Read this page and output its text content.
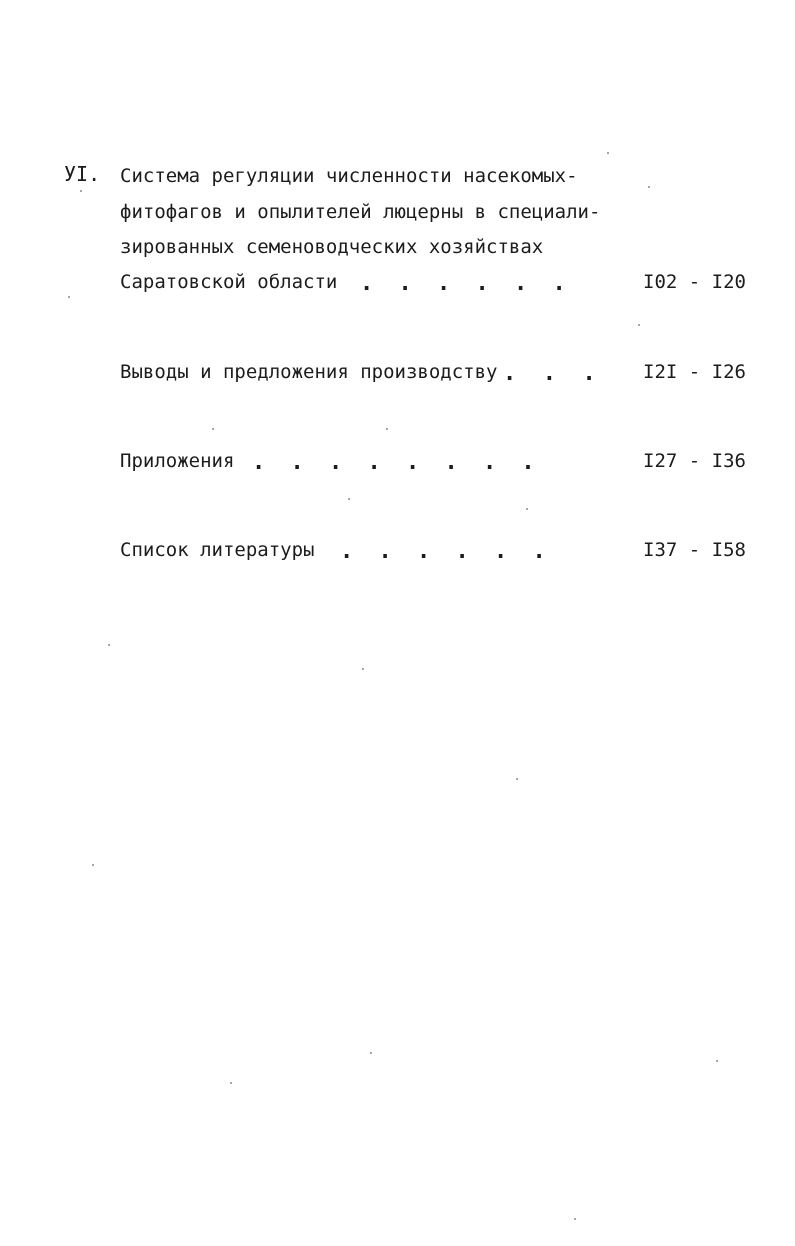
УI. Система регуляции численности насекомых-
фитофагов и опылителей люцерны в специали-
зированных семеноводческих хозяйствах
Саратовской области . . . . . .	I02 - I20
Выводы и предложения производству .  .  . I2I - I26
Приложения . . . . . . . .	I27 - I36
Список литературы . . . . . .	I37 - I58
